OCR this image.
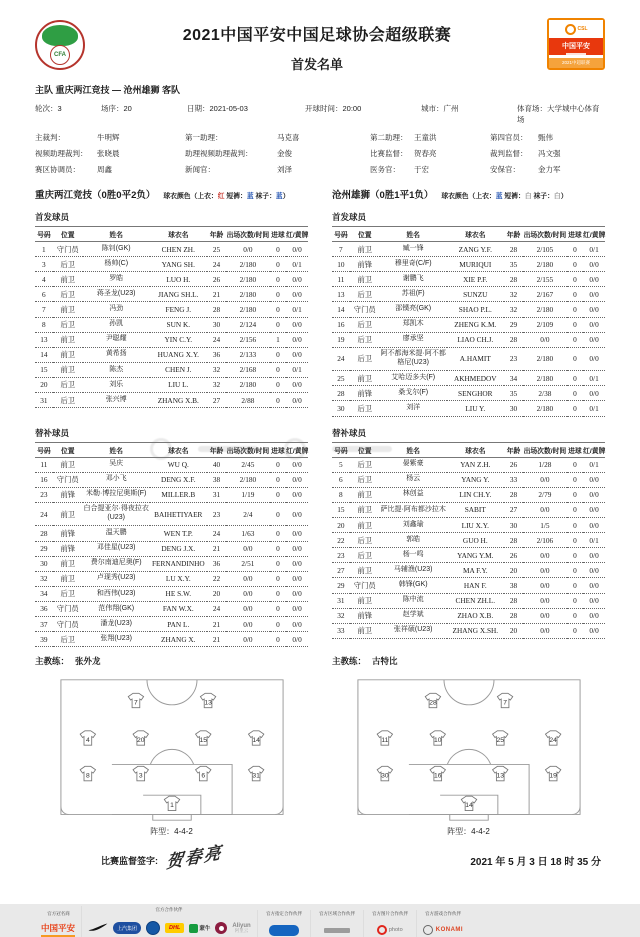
CFA
2021中国平安中国足球协会超级联赛
首发名单
CSL
中国平安
2021中超联赛
主队 重庆两江竞技 — 沧州雄狮 客队
轮次：3	场序：20	日期：2021-05-03	开球时间：20:00	城市：广州	体育场：大学城中心体育场
主裁判：	牛明辉	第一助理：	马克喜	第二助理： 王童洪	第四官员：	甄伟
视频助理裁判：	张晓晨	助理视频助理裁判：	金俊	比赛监督： 贺春亮	裁判监督：	冯文强
赛区协调员：	周鑫	新闻官：	刘泽	医务官：	于宏	安保官：	金力军
重庆两江竞技（0胜0平2负） 球衣颜色（上衣：红 短裤：蓝 袜子：蓝）	沧州雄狮（0胜1平1负） 球衣颜色（上衣：蓝 短裤：白 袜子：白）
首发球员
号码	位置	姓名	球衣名	年龄	出场次数/时间	进球	红/黄牌
1	守门员	陈钊(GK)	CHEN ZH.	25	0/0	0	0/0
3	后卫	杨帅(C)	YANG SH.	24	2/180	0	0/1
4	前卫	罗皓	LUO H.	26	2/180	0	0/0
6	后卫	蒋圣龙(U23)	JIANG SH.L.	21	2/180	0	0/0
7	前卫	冯劲	FENG J.	28	2/180	0	0/1
8	后卫	孙凯	SUN K.	30	2/124	0	0/0
13	前卫	尹聪耀	YIN C.Y.	24	2/156	1	0/0
14	前卫	黄希扬	HUANG X.Y.	36	2/133	0	0/0
15	前卫	陈杰	CHEN J.	32	2/168	0	0/1
20	后卫	刘乐	LIU L.	32	2/180	0	0/0
31	后卫	张兴博	ZHANG X.B.	27	2/88	0	0/0
首发球员
号码	位置	姓名	球衣名	年龄	出场次数/时间	进球	红/黄牌
7	前卫	臧一锋	ZANG Y.F.	28	2/105	0	0/1
10	前锋	穆里奇(C/F)	MURIQUI	35	2/180	0	0/0
11	前卫	谢鹏飞	XIE P.F.	28	2/155	0	0/0
13	后卫	苏祖(F)	SUNZU	32	2/167	0	0/0
14	守门员	邵镤亮(GK)	SHAO P.L.	32	2/180	0	0/0
16	后卫	郑凯木	ZHENG K.M.	29	2/109	0	0/0
19	后卫	廖承坚	LIAO CH.J.	28	0/0	0	0/0
24	后卫	阿不都海米提·阿不都格尼(U23)	A.HAMIT	23	2/180	0	0/0
25	前卫	艾哈迈多夫(F)	AKHMEDOV	34	2/180	0	0/1
28	前锋	桑戈尔(F)	SENGHOR	35	2/38	0	0/0
30	后卫	刘洋	LIU Y.	30	2/180	0	0/1
替补球员
号码	位置	姓名	球衣名	年龄	出场次数/时间	进球	红/黄牌
11	前卫	吴庆	WU Q.	40	2/45	0	0/0
16	守门员	邓小飞	DENG X.F.	38	2/180	0	0/0
23	前锋	米勒·博拉尼奥斯(F)	MILLER.B	31	1/19	0	0/0
24	前卫	白合提亚尔·得夜拉衣(U23)	BAIHETIYAER	23	2/4	0	0/0
28	前锋	温天鹏	WEN T.P.	24	1/63	0	0/0
29	前锋	邓佳星(U23)	DENG J.X.	21	0/0	0	0/0
30	前卫	费尔南迪尼奥(F)	FERNANDINHO	36	2/51	0	0/0
32	前卫	卢现秀(U23)	LU X.Y.	22	0/0	0	0/0
34	后卫	和西伟(U23)	HE S.W.	20	0/0	0	0/0
36	守门员	范伟翔(GK)	FAN W.X.	24	0/0	0	0/0
37	守门员	潘龙(U23)	PAN L.	21	0/0	0	0/0
39	后卫	张翔(U23)	ZHANG X.	21	0/0	0	0/0
替补球员
号码	位置	姓名	球衣名	年龄	出场次数/时间	进球	红/黄牌
5	后卫	晏紫豪	YAN Z.H.	26	1/28	0	0/1
6	后卫	杨云	YANG Y.	33	0/0	0	0/0
8	前卫	林创益	LIN CH.Y.	28	2/79	0	0/0
15	前卫	萨比提·阿布都沙拉木	SABIT	27	0/0	0	0/0
20	前卫	刘鑫瑜	LIU X.Y.	30	1/5	0	0/0
22	后卫	郭皓	GUO H.	28	2/106	0	0/1
23	后卫	杨一鸣	YANG Y.M.	26	0/0	0	0/0
27	前卫	马辅渔(U23)	MA F.Y.	20	0/0	0	0/0
29	守门员	韩锋(GK)	HAN F.	38	0/0	0	0/0
31	前卫	陈中流	CHEN ZH.L.	28	0/0	0	0/0
32	前锋	赵学斌	ZHAO X.B.	28	0/0	0	0/0
33	前卫	张祥硕(U23)	ZHANG X.SH.	20	0/0	0	0/0
主教练： 张外龙	主教练： 古特比
7	13
4	20	15	14
8	3	6	31
1
阵型：4-4-2
28	7
11	10	25	24
30	16	13	19
14
阵型：4-4-2
比赛监督签字: 贺春亮	2021 年 5 月 3 日 18 时 35 分
官方冠名商
中国平安
官方合作伙伴
上汽集团	DHL	蒙牛
Aliyun
阿里云
官方指定合作伙伴	官方区域合作伙伴	官方图片合作伙伴
photo
官方游戏合作伙伴
KONAMI
